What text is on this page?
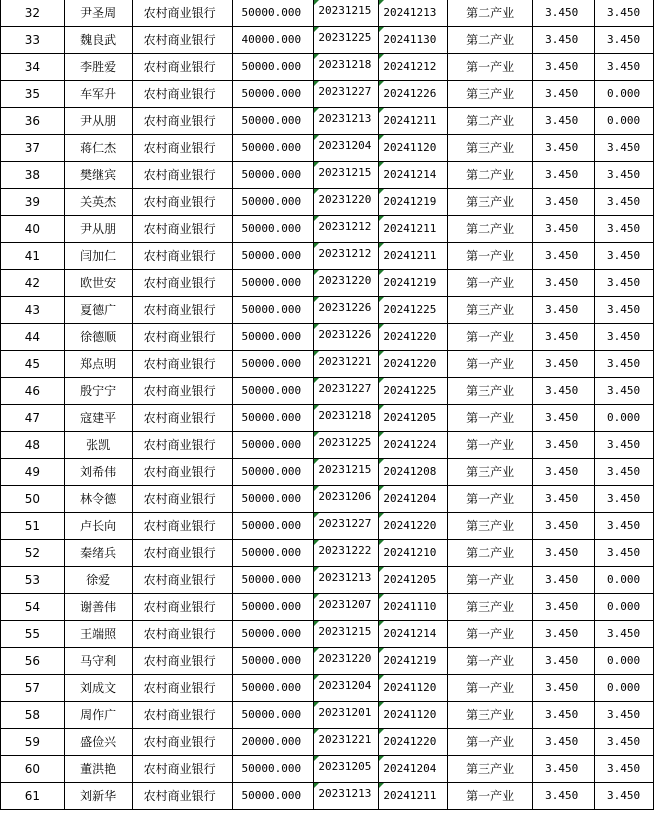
32	尹圣周	农村商业银行	50000.000	20231215	20241213	第二产业	3.450	3.450
33	魏良武	农村商业银行	40000.000	20231225	20241130	第二产业	3.450	3.450
34	李胜爱	农村商业银行	50000.000	20231218	20241212	第一产业	3.450	3.450
35	车军升	农村商业银行	50000.000	20231227	20241226	第三产业	3.450	0.000
36	尹从朋	农村商业银行	50000.000	20231213	20241211	第二产业	3.450	0.000
37	蒋仁杰	农村商业银行	50000.000	20231204	20241120	第三产业	3.450	3.450
38	樊继宾	农村商业银行	50000.000	20231215	20241214	第二产业	3.450	3.450
39	关英杰	农村商业银行	50000.000	20231220	20241219	第三产业	3.450	3.450
40	尹从朋	农村商业银行	50000.000	20231212	20241211	第二产业	3.450	3.450
41	闫加仁	农村商业银行	50000.000	20231212	20241211	第一产业	3.450	3.450
42	欧世安	农村商业银行	50000.000	20231220	20241219	第一产业	3.450	3.450
43	夏德广	农村商业银行	50000.000	20231226	20241225	第三产业	3.450	3.450
44	徐德顺	农村商业银行	50000.000	20231226	20241220	第一产业	3.450	3.450
45	郑点明	农村商业银行	50000.000	20231221	20241220	第一产业	3.450	3.450
46	殷宁宁	农村商业银行	50000.000	20231227	20241225	第三产业	3.450	3.450
47	寇建平	农村商业银行	50000.000	20231218	20241205	第一产业	3.450	0.000
48	张凯	农村商业银行	50000.000	20231225	20241224	第一产业	3.450	3.450
49	刘希伟	农村商业银行	50000.000	20231215	20241208	第三产业	3.450	3.450
50	林令德	农村商业银行	50000.000	20231206	20241204	第一产业	3.450	3.450
51	卢长向	农村商业银行	50000.000	20231227	20241220	第三产业	3.450	3.450
52	秦绪兵	农村商业银行	50000.000	20231222	20241210	第二产业	3.450	3.450
53	徐爱	农村商业银行	50000.000	20231213	20241205	第一产业	3.450	0.000
54	谢善伟	农村商业银行	50000.000	20231207	20241110	第三产业	3.450	0.000
55	王端照	农村商业银行	50000.000	20231215	20241214	第一产业	3.450	3.450
56	马守利	农村商业银行	50000.000	20231220	20241219	第一产业	3.450	0.000
57	刘成文	农村商业银行	50000.000	20231204	20241120	第一产业	3.450	0.000
58	周作广	农村商业银行	50000.000	20231201	20241120	第三产业	3.450	3.450
59	盛俭兴	农村商业银行	20000.000	20231221	20241220	第一产业	3.450	3.450
60	董洪艳	农村商业银行	50000.000	20231205	20241204	第三产业	3.450	3.450
61	刘新华	农村商业银行	50000.000	20231213	20241211	第一产业	3.450	3.450
